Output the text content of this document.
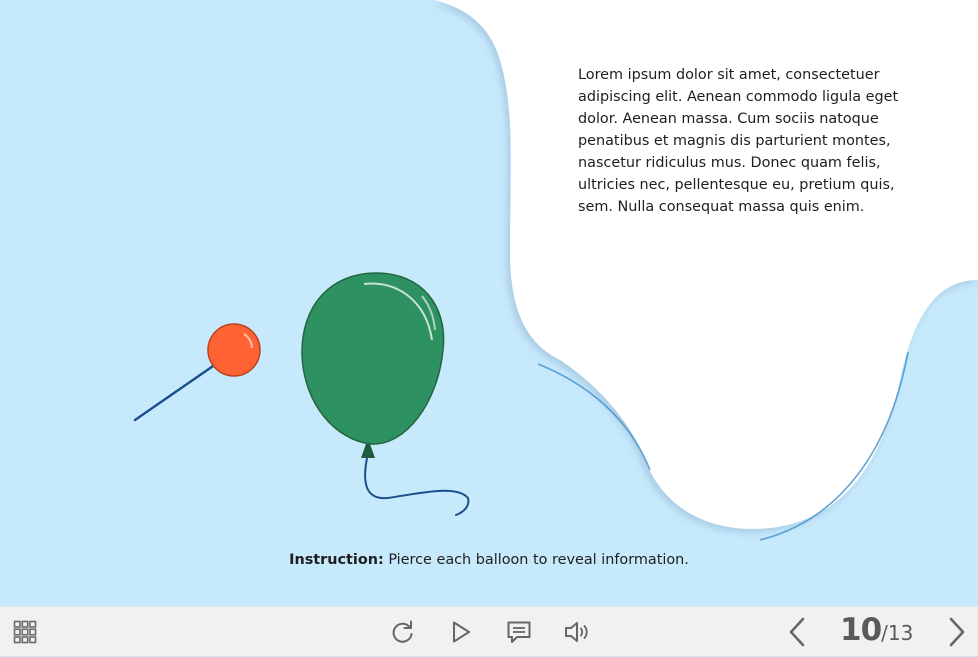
Lorem ipsum dolor sit amet, consectetuer adipiscing elit. Aenean commodo ligula eget dolor. Aenean massa. Cum sociis natoque penatibus et magnis dis parturient montes, nascetur ridiculus mus. Donec quam felis, ultricies nec, pellentesque eu, pretium quis, sem. Nulla consequat massa quis enim.
Instruction: Pierce each balloon to reveal information.
10 / 13
